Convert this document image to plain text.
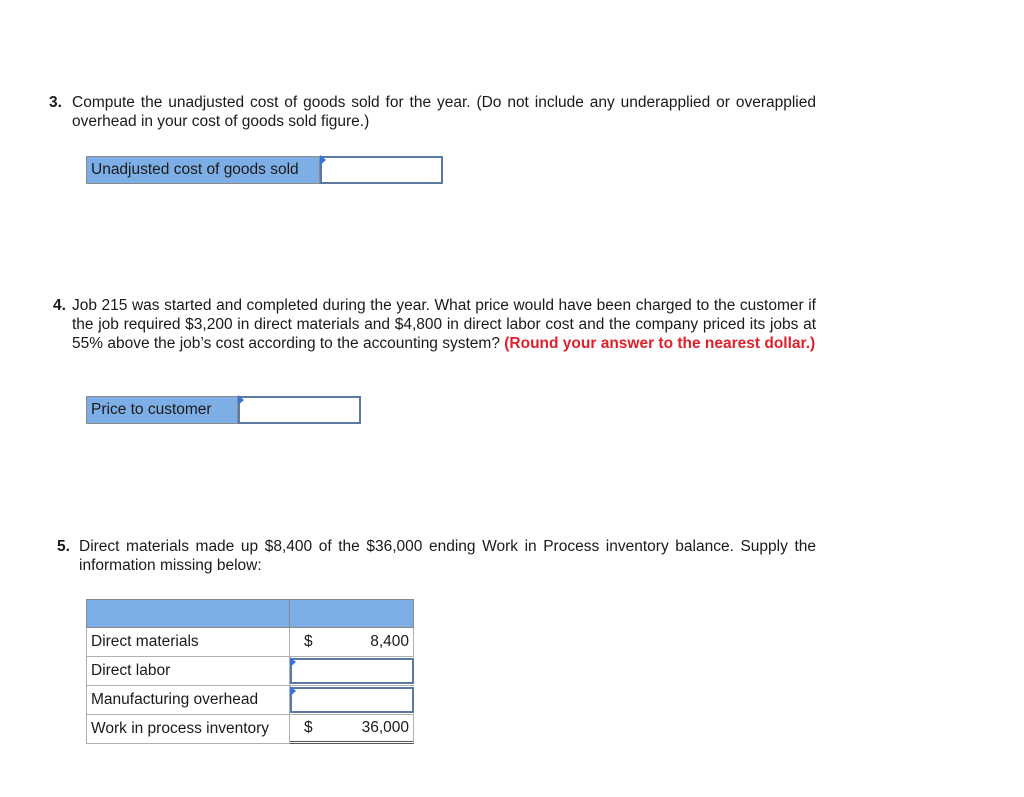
3. Compute the unadjusted cost of goods sold for the year. (Do not include any underapplied or overapplied overhead in your cost of goods sold figure.)
Unadjusted cost of goods sold
4. Job 215 was started and completed during the year. What price would have been charged to the customer if the job required $3,200 in direct materials and $4,800 in direct labor cost and the company priced its jobs at 55% above the job’s cost according to the accounting system? (Round your answer to the nearest dollar.)
Price to customer
5. Direct materials made up $8,400 of the $36,000 ending Work in Process inventory balance. Supply the information missing below:
Direct materials	$	8,400
Direct labor
Manufacturing overhead
Work in process inventory	$	36,000
